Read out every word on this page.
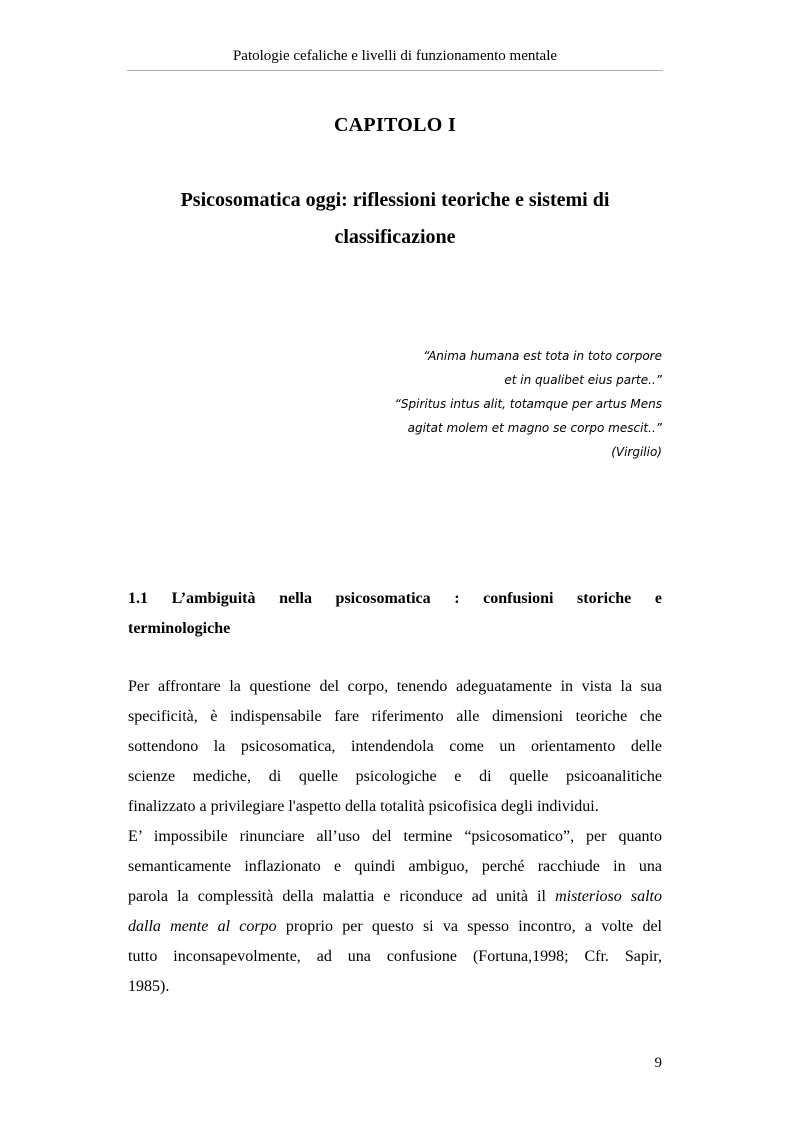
Patologie cefaliche e livelli di funzionamento mentale
CAPITOLO I
Psicosomatica oggi: riflessioni teoriche e sistemi di
classificazione
“Anima humana est tota in toto corpore
et in qualibet eius parte..”
“Spiritus intus alit, totamque per artus Mens
agitat molem et magno se corpo mescit..”
(Virgilio)
1.1 L’ambiguità nella psicosomatica : confusioni storiche e
terminologiche
Per affrontare la questione del corpo, tenendo adeguatamente in vista la sua
specificità, è indispensabile fare riferimento alle dimensioni teoriche che
sottendono la psicosomatica, intendendola come un orientamento delle
scienze mediche, di quelle psicologiche e di quelle psicoanalitiche
finalizzato a privilegiare l'aspetto della totalità psicofisica degli individui.
E’ impossibile rinunciare all’uso del termine “psicosomatico”, per quanto
semanticamente inflazionato e quindi ambiguo, perché racchiude in una
parola la complessità della malattia e riconduce ad unità il misterioso salto
dalla mente al corpo proprio per questo si va spesso incontro, a volte del
tutto inconsapevolmente, ad una confusione (Fortuna,1998; Cfr. Sapir,
1985).
9
